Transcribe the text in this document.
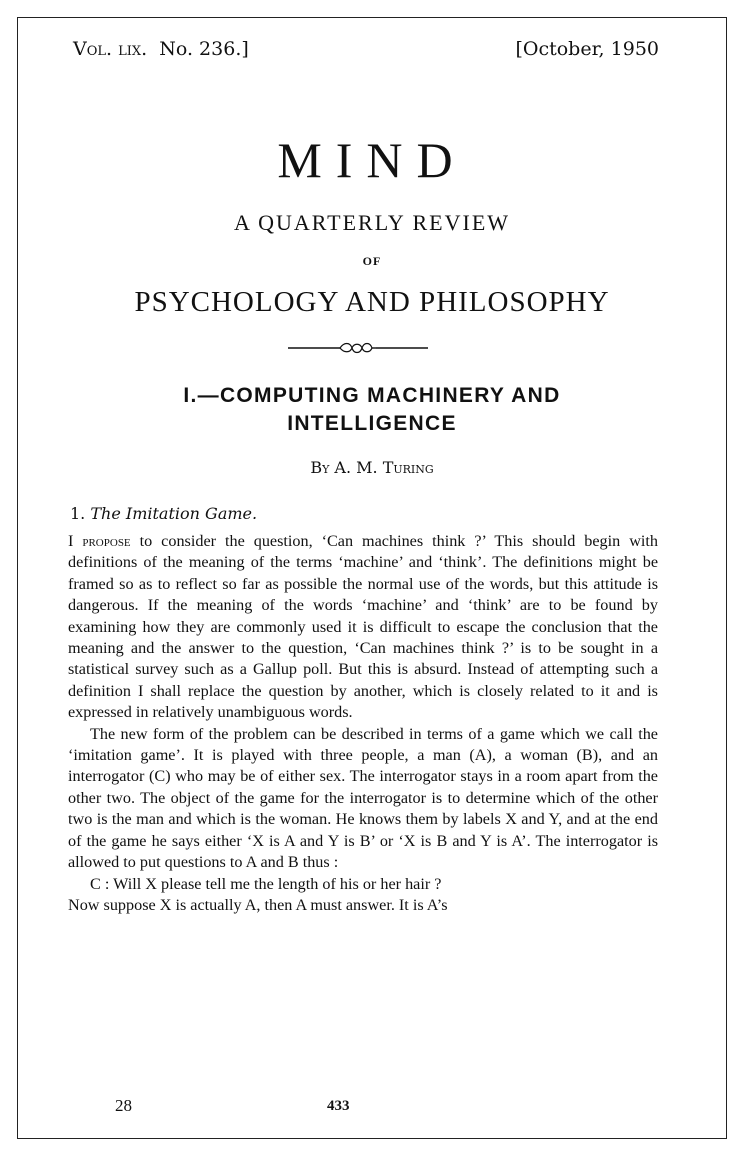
Vol. lix. No. 236.]	[October, 1950
MIND
A QUARTERLY REVIEW
OF
PSYCHOLOGY AND PHILOSOPHY
I.—COMPUTING MACHINERY AND
INTELLIGENCE
By A. M. Turing
1. The Imitation Game.

I propose to consider the question, ‘Can machines think ?’ This should begin with definitions of the meaning of the terms ‘machine’ and ‘think’. The definitions might be framed so as to reflect so far as possible the normal use of the words, but this attitude is dangerous. If the meaning of the words ‘machine’ and ‘think’ are to be found by examining how they are commonly used it is difficult to escape the conclusion that the meaning and the answer to the question, ‘Can machines think ?’ is to be sought in a statistical survey such as a Gallup poll. But this is absurd. Instead of attempting such a definition I shall replace the question by another, which is closely related to it and is expressed in relatively unambiguous words.

The new form of the problem can be described in terms of a game which we call the ‘imitation game’. It is played with three people, a man (A), a woman (B), and an interrogator (C) who may be of either sex. The interrogator stays in a room apart from the other two. The object of the game for the interrogator is to determine which of the other two is the man and which is the woman. He knows them by labels X and Y, and at the end of the game he says either ‘X is A and Y is B’ or ‘X is B and Y is A’. The interrogator is allowed to put questions to A and B thus :

C : Will X please tell me the length of his or her hair ?

Now suppose X is actually A, then A must answer. It is A’s

28	433
